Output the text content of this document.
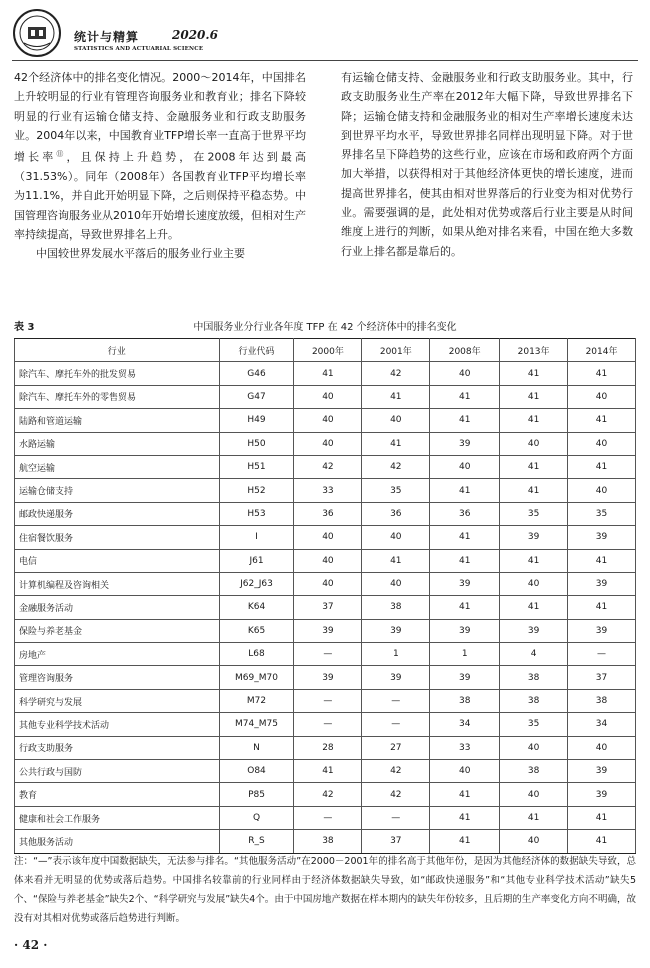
统计与精算	2020.6
STATISTICS AND ACTUARIAL SCIENCE

42个经济体中的排名变化情况。2000～2014年，中国排名上升较明显的行业有管理咨询服务业和教育业；排名下降较明显的行业有运输仓储支持、金融服务业和行政支助服务业。2004年以来，中国教育业TFP增长率一直高于世界平均增长率⑪，且保持上升趋势，在2008年达到最高（31.53%）。同年（2008年）各国教育业TFP平均增长率为11.1%，并自此开始明显下降，之后则保持平稳态势。中国管理咨询服务业从2010年开始增长速度放缓，但相对生产率持续提高，导致世界排名上升。

中国较世界发展水平落后的服务业行业主要

有运输仓储支持、金融服务业和行政支助服务业。其中，行政支助服务业生产率在2012年大幅下降，导致世界排名下降；运输仓储支持和金融服务业的相对生产率增长速度未达到世界平均水平，导致世界排名同样出现明显下降。对于世界排名呈下降趋势的这些行业，应该在市场和政府两个方面加大举措，以获得相对于其他经济体更快的增长速度，进而提高世界排名，使其由相对世界落后的行业变为相对优势行业。需要强调的是，此处相对优势或落后行业主要是从时间维度上进行的判断，如果从绝对排名来看，中国在绝大多数行业上排名都是靠后的。

中国服务业分行业各年度 TFP 在 42 个经济体中的排名变化
表 3
行业	行业代码	2000年	2001年	2008年	2013年	2014年
除汽车、摩托车外的批发贸易	G46	41	42	40	41	41
除汽车、摩托车外的零售贸易	G47	40	41	41	41	40
陆路和管道运输	H49	40	40	41	41	41
水路运输	H50	40	41	39	40	40
航空运输	H51	42	42	40	41	41
运输仓储支持	H52	33	35	41	41	40
邮政快递服务	H53	36	36	36	35	35
住宿餐饮服务	I	40	40	41	39	39
电信	J61	40	41	41	41	41
计算机编程及咨询相关	J62_J63	40	40	39	40	39
金融服务活动	K64	37	38	41	41	41
保险与养老基金	K65	39	39	39	39	39
房地产	L68	—	1	1	4	—
管理咨询服务	M69_M70	39	39	39	38	37
科学研究与发展	M72	—	—	38	38	38
其他专业科学技术活动	M74_M75	—	—	34	35	34
行政支助服务	N	28	27	33	40	40
公共行政与国防	O84	41	42	40	38	39
教育	P85	42	42	41	40	39
健康和社会工作服务	Q	—	—	41	41	41
其他服务活动	R_S	38	37	41	40	41
注：“—”表示该年度中国数据缺失，无法参与排名。“其他服务活动”在2000－2001年的排名高于其他年份，是因为其他经济体的数据缺失导致，总体来看并无明显的优势或落后趋势。中国排名较靠前的行业同样由于经济体数据缺失导致，如“邮政快递服务”和“其他专业科学技术活动”缺失5个、“保险与养老基金”缺失2个、“科学研究与发展”缺失4个。由于中国房地产数据在样本期内的缺失年份较多，且后期的生产率变化方向不明确，故没有对其相对优势或落后趋势进行判断。
· 42 ·
